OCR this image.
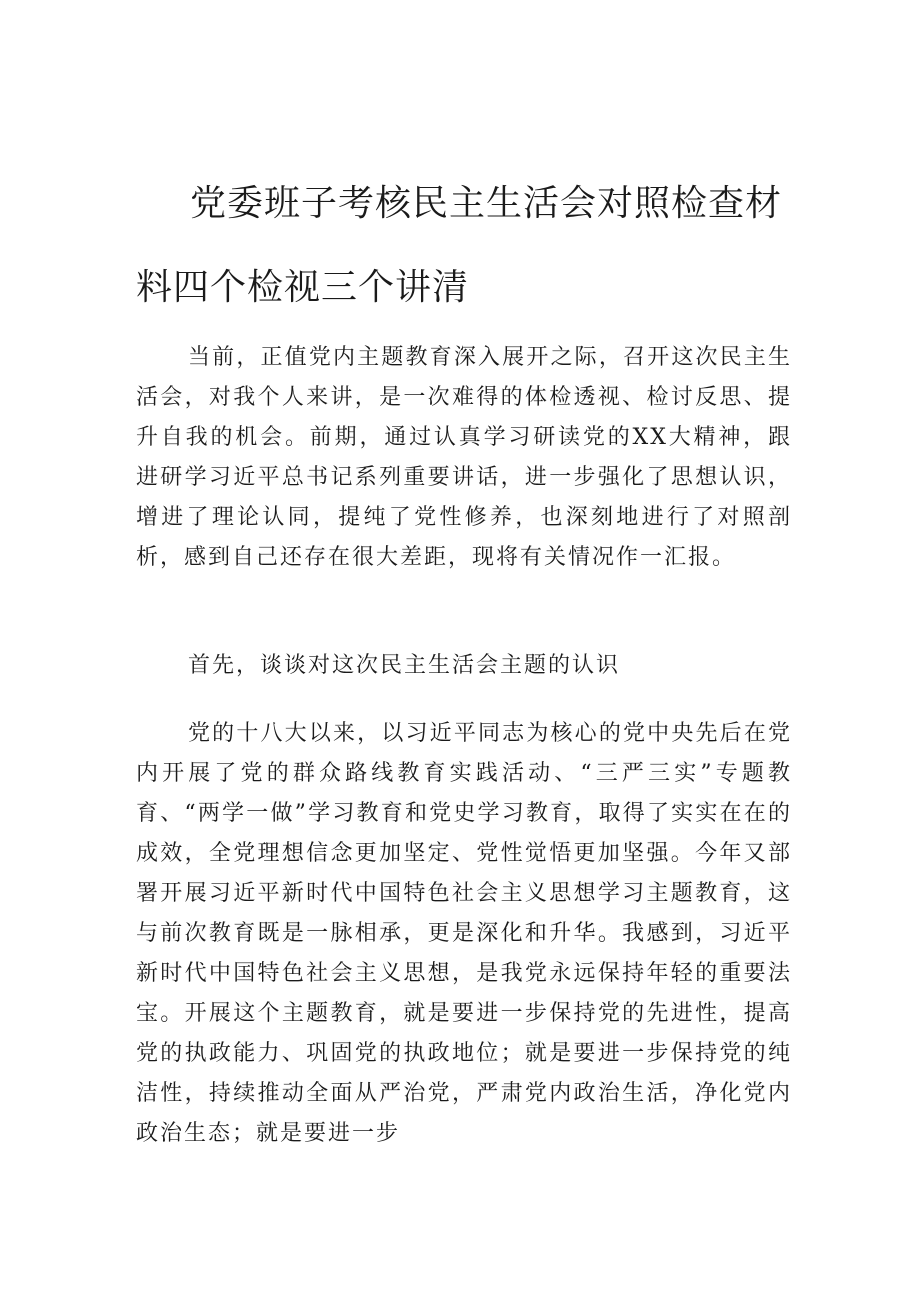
党委班子考核民主生活会对照检查材
料四个检视三个讲清
当前，正值党内主题教育深入展开之际，召开这次民主生活会，对我个人来讲，是一次难得的体检透视、检讨反思、提升自我的机会。前期，通过认真学习研读党的XX大精神，跟进研学习近平总书记系列重要讲话，进一步强化了思想认识，增进了理论认同，提纯了党性修养，也深刻地进行了对照剖析，感到自己还存在很大差距，现将有关情况作一汇报。
首先，谈谈对这次民主生活会主题的认识
党的十八大以来，以习近平同志为核心的党中央先后在党内开展了党的群众路线教育实践活动、“三严三实”专题教育、“两学一做”学习教育和党史学习教育，取得了实实在在的成效，全党理想信念更加坚定、党性觉悟更加坚强。今年又部署开展习近平新时代中国特色社会主义思想学习主题教育，这与前次教育既是一脉相承，更是深化和升华。我感到，习近平新时代中国特色社会主义思想，是我党永远保持年轻的重要法宝。开展这个主题教育，就是要进一步保持党的先进性，提高党的执政能力、巩固党的执政地位；就是要进一步保持党的纯洁性，持续推动全面从严治党，严肃党内政治生活，净化党内政治生态；就是要进一步
